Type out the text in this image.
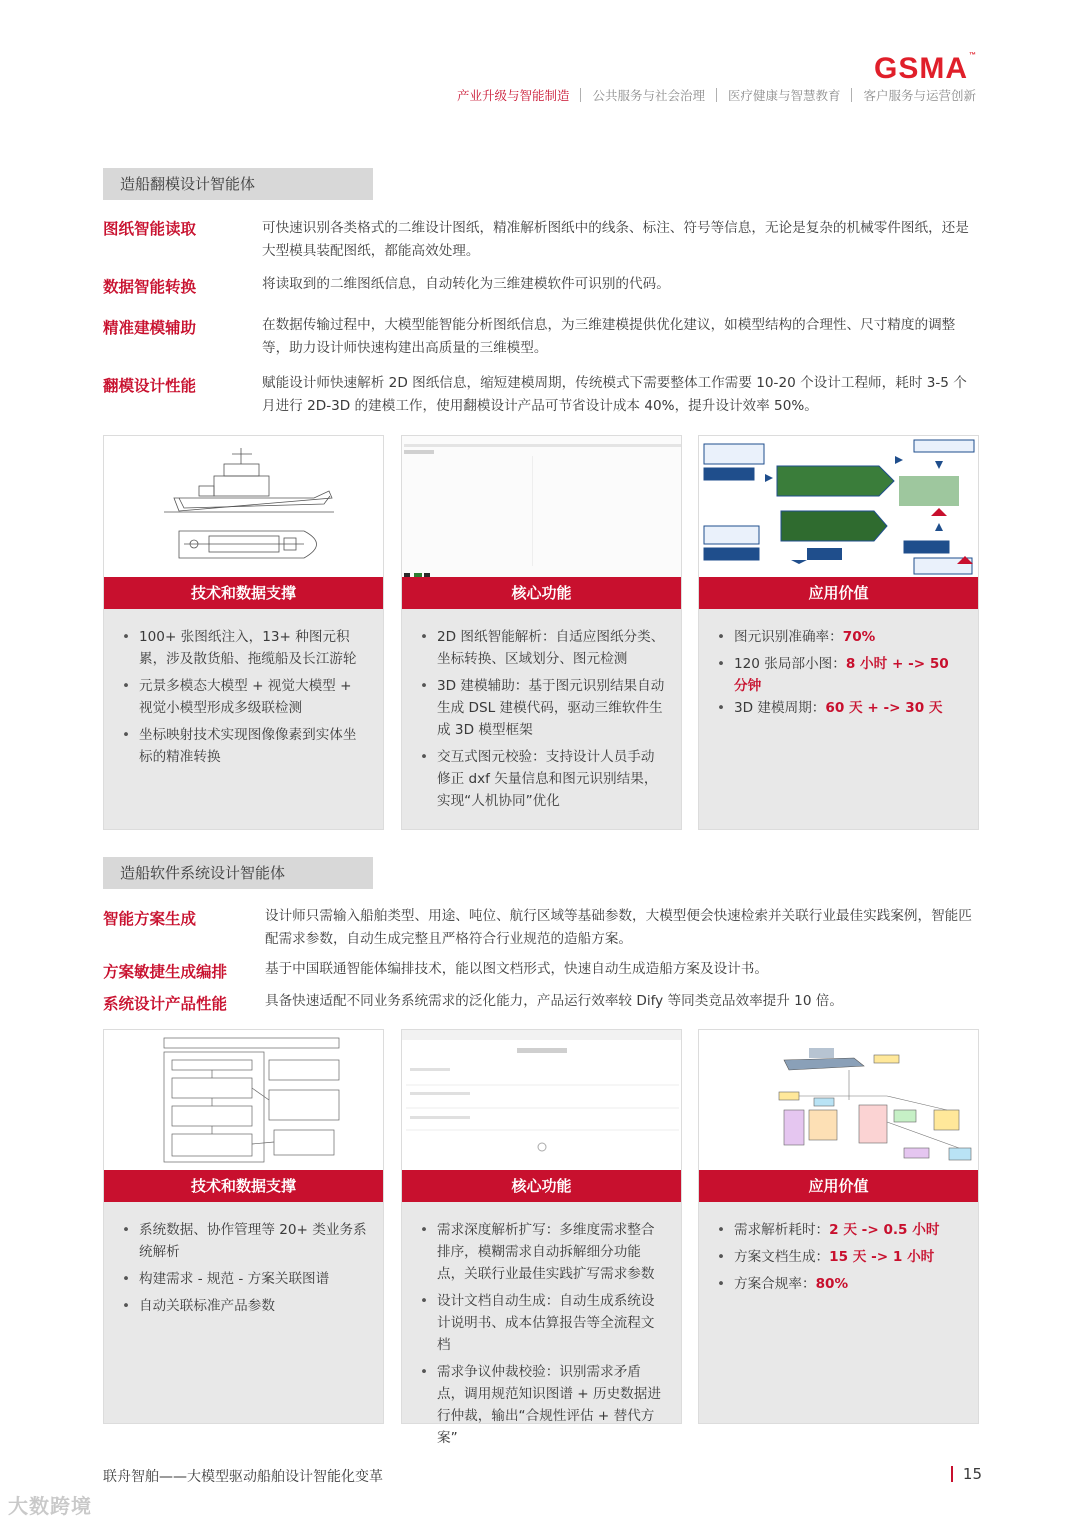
GSMA™
产业升级与智能制造	公共服务与社会治理	医疗健康与智慧教育	客户服务与运营创新
造船翻模设计智能体
图纸智能读取	可快速识别各类格式的二维设计图纸，精准解析图纸中的线条、标注、符号等信息，无论是复杂的机械零件图纸，还是大型模具装配图纸，都能高效处理。
数据智能转换	将读取到的二维图纸信息，自动转化为三维建模软件可识别的代码。
精准建模辅助	在数据传输过程中，大模型能智能分析图纸信息，为三维建模提供优化建议，如模型结构的合理性、尺寸精度的调整等，助力设计师快速构建出高质量的三维模型。
翻模设计性能	赋能设计师快速解析 2D 图纸信息，缩短建模周期，传统模式下需要整体工作需要 10-20 个设计工程师，耗时 3-5 个月进行 2D-3D 的建模工作，使用翻模设计产品可节省设计成本 40%，提升设计效率 50%。
技术和数据支撑
• 100+ 张图纸注入，13+ 种图元积累，涉及散货船、拖缆船及长江游轮
• 元景多模态大模型 + 视觉大模型 + 视觉小模型形成多级联检测
• 坐标映射技术实现图像像素到实体坐标的精准转换
核心功能
• 2D 图纸智能解析：自适应图纸分类、坐标转换、区域划分、图元检测
• 3D 建模辅助：基于图元识别结果自动生成 DSL 建模代码，驱动三维软件生成 3D 模型框架
• 交互式图元校验：支持设计人员手动修正 dxf 矢量信息和图元识别结果，实现“人机协同”优化
应用价值
• 图元识别准确率：70%
• 120 张局部小图：8 小时 + -> 50 分钟
• 3D 建模周期：60 天 + -> 30 天
造船软件系统设计智能体
智能方案生成	设计师只需输入船舶类型、用途、吨位、航行区域等基础参数，大模型便会快速检索并关联行业最佳实践案例，智能匹配需求参数，自动生成完整且严格符合行业规范的造船方案。
方案敏捷生成编排	基于中国联通智能体编排技术，能以图文档形式，快速自动生成造船方案及设计书。
系统设计产品性能	具备快速适配不同业务系统需求的泛化能力，产品运行效率较 Dify 等同类竞品效率提升 10 倍。
技术和数据支撑
• 系统数据、协作管理等 20+ 类业务系统解析
• 构建需求 - 规范 - 方案关联图谱
• 自动关联标准产品参数
核心功能
• 需求深度解析扩写：多维度需求整合排序，模糊需求自动拆解细分功能点，关联行业最佳实践扩写需求参数
• 设计文档自动生成：自动生成系统设计说明书、成本估算报告等全流程文档
• 需求争议仲裁校验：识别需求矛盾点，调用规范知识图谱 + 历史数据进行仲裁，输出“合规性评估 + 替代方案”
应用价值
• 需求解析耗时：2 天 -> 0.5 小时
• 方案文档生成：15 天 -> 1 小时
• 方案合规率：80%
联舟智舶——大模型驱动船舶设计智能化变革	15
大数跨境
